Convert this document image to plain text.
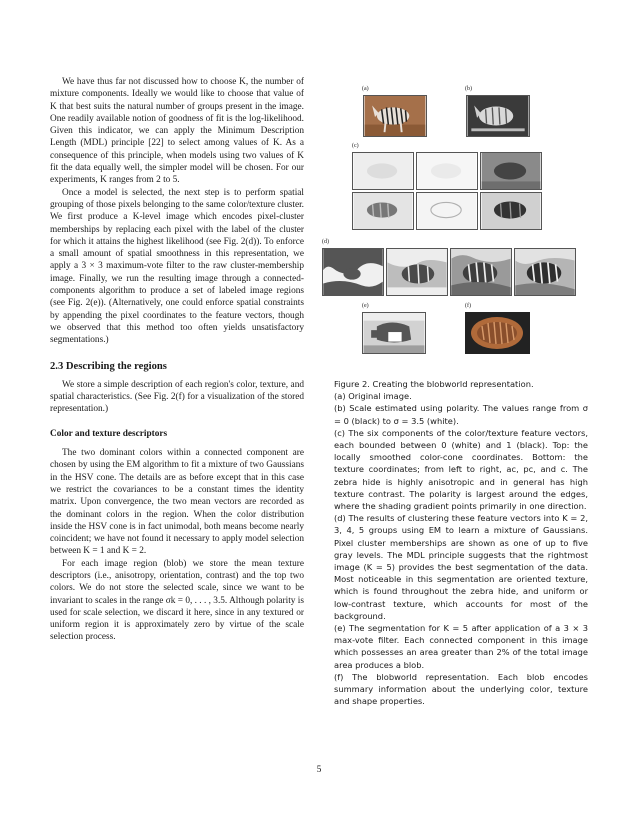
We have thus far not discussed how to choose K, the number of mixture components. Ideally we would like to choose that value of K that best suits the natural number of groups present in the image. One readily available notion of goodness of fit is the log-likelihood. Given this indicator, we can apply the Minimum Description Length (MDL) principle [22] to select among values of K. As a consequence of this principle, when models using two values of K fit the data equally well, the simpler model will be chosen. For our experiments, K ranges from 2 to 5.

Once a model is selected, the next step is to perform spatial grouping of those pixels belonging to the same color/texture cluster. We first produce a K-level image which encodes pixel-cluster memberships by replacing each pixel with the label of the cluster for which it attains the highest likelihood (see Fig. 2(d)). To enforce a small amount of spatial smoothness in this representation, we apply a 3 × 3 maximum-vote filter to the raw cluster-membership image. Finally, we run the resulting image through a connected-components algorithm to produce a set of labeled image regions (see Fig. 2(e)). (Alternatively, one could enforce spatial constraints by appending the pixel coordinates to the feature vectors, though we observed that this method too often yields unsatisfactory segmentations.)

2.3 Describing the regions

We store a simple description of each region's color, texture, and spatial characteristics. (See Fig. 2(f) for a visualization of the stored representation.)

Color and texture descriptors

The two dominant colors within a connected component are chosen by using the EM algorithm to fit a mixture of two Gaussians in the HSV cone. The details are as before except that in this case we restrict the covariances to be a constant times the identity matrix. Upon convergence, the two mean vectors are recorded as the dominant colors in the region. When the color distribution inside the HSV cone is in fact unimodal, both means become nearly coincident; we have not found it necessary to apply model selection between K = 1 and K = 2.

For each image region (blob) we store the mean texture descriptors (i.e., anisotropy, orientation, contrast) and the top two colors. We do not store the selected scale, since we want to be invariant to scales in the range σk = 0, . . . , 3.5. Although polarity is used for scale selection, we discard it here, since in any textured or uniform region it is approximately zero by virtue of the scale selection process.

(a)	(b)
(c)
(d)
(e)	(f)

Figure 2. Creating the blobworld representation.

(a) Original image.

(b) Scale estimated using polarity. The values range from σ = 0 (black) to σ = 3.5 (white).

(c) The six components of the color/texture feature vectors, each bounded between 0 (white) and 1 (black). Top: the locally smoothed color-cone coordinates. Bottom: the texture coordinates; from left to right, ac, pc, and c. The zebra hide is highly anisotropic and in general has high texture contrast. The polarity is largest around the edges, where the shading gradient points primarily in one direction.

(d) The results of clustering these feature vectors into K = 2, 3, 4, 5 groups using EM to learn a mixture of Gaussians. Pixel cluster memberships are shown as one of up to five gray levels. The MDL principle suggests that the rightmost image (K = 5) provides the best segmentation of the data. Most noticeable in this segmentation are oriented texture, which is found throughout the zebra hide, and uniform or low-contrast texture, which accounts for most of the background.

(e) The segmentation for K = 5 after application of a 3 × 3 max-vote filter. Each connected component in this image which possesses an area greater than 2% of the total image area produces a blob.

(f) The blobworld representation. Each blob encodes summary information about the underlying color, texture and shape properties.

5
